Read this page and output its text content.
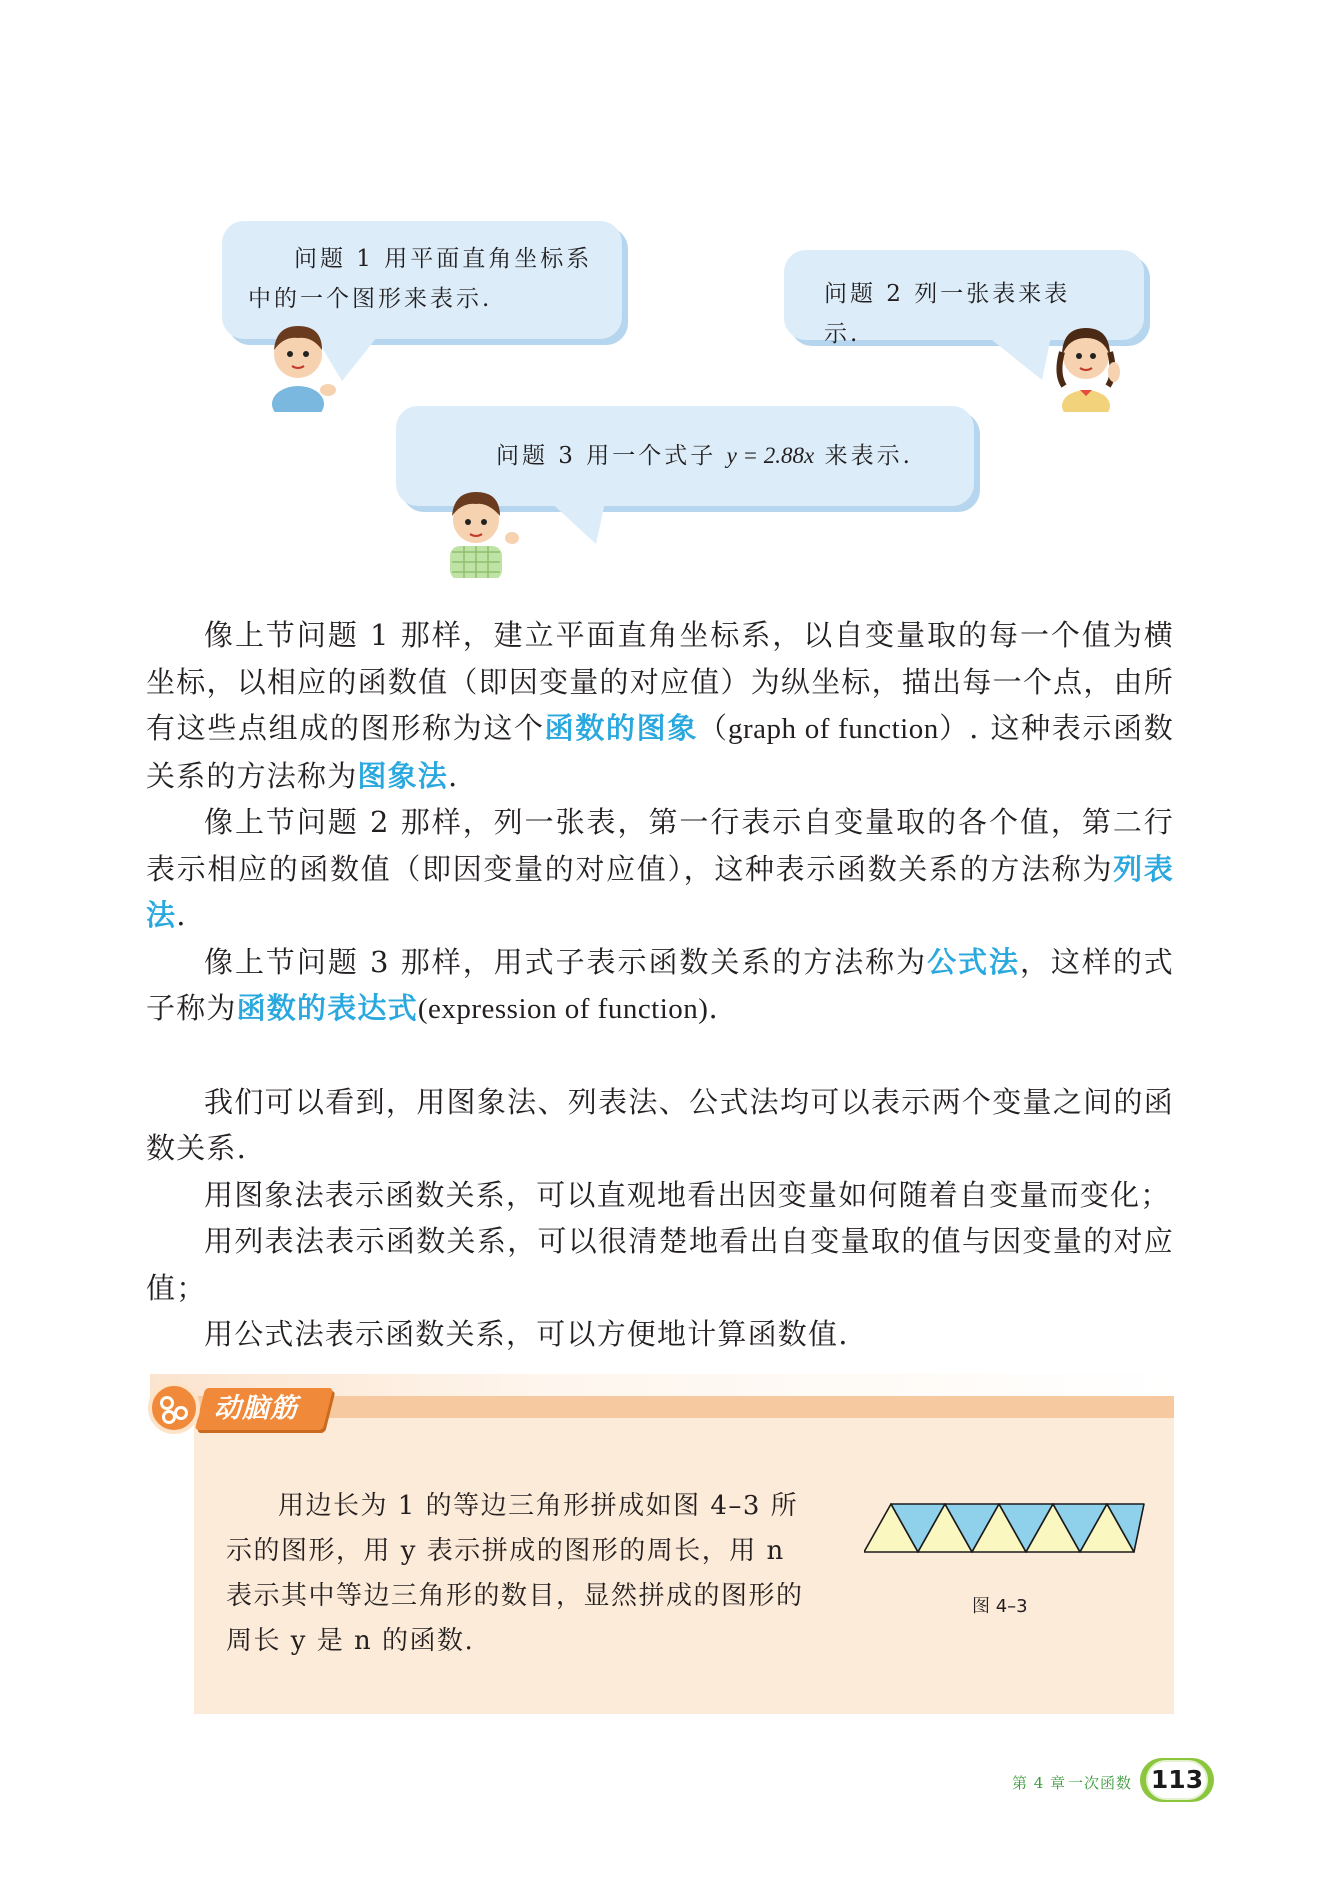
问题 1 用平面直角坐标系
中的一个图形来表示.	问题 2 列一张表来表示.
问题 3 用一个式子 y = 2.88x 来表示.

像上节问题 1 那样，建立平面直角坐标系，以自变量取的每一个值为横坐标，以相应的函数值（即因变量的对应值）为纵坐标，描出每一个点，由所有这些点组成的图形称为这个函数的图象（graph of function）. 这种表示函数关系的方法称为图象法.

像上节问题 2 那样，列一张表，第一行表示自变量取的各个值，第二行表示相应的函数值（即因变量的对应值），这种表示函数关系的方法称为列表法.

像上节问题 3 那样，用式子表示函数关系的方法称为公式法，这样的式子称为函数的表达式(expression of function).

我们可以看到，用图象法、列表法、公式法均可以表示两个变量之间的函数关系.

用图象法表示函数关系，可以直观地看出因变量如何随着自变量而变化；

用列表法表示函数关系，可以很清楚地看出自变量取的值与因变量的对应值；

用公式法表示函数关系，可以方便地计算函数值.

动脑筋

用边长为 1 的等边三角形拼成如图 4–3 所示的图形，用 y 表示拼成的图形的周长，用 n 表示其中等边三角形的数目，显然拼成的图形的周长 y 是 n 的函数.

图 4–3
第 4 章 一次函数 113
